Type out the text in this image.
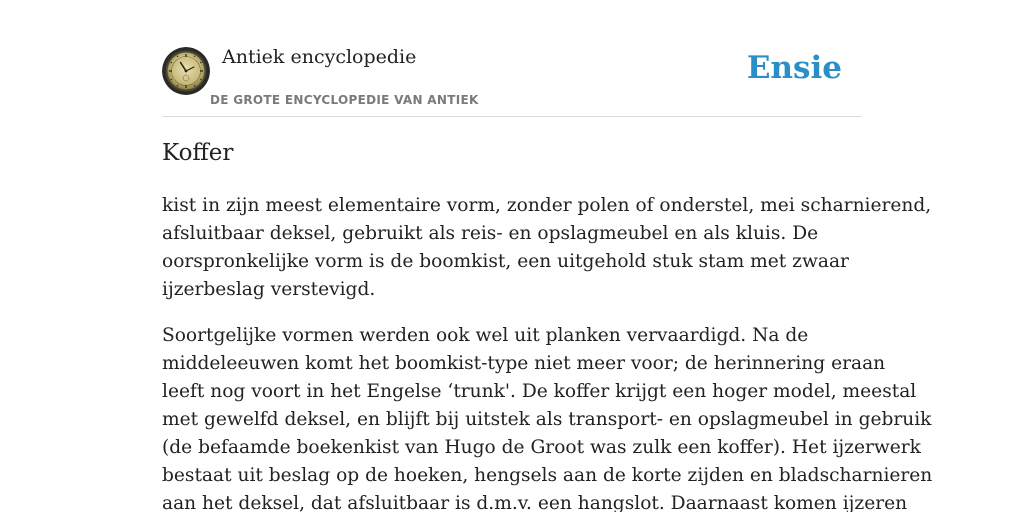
Antiek encyclopedie
DE GROTE ENCYCLOPEDIE VAN ANTIEK
Ensie
Koffer

kist in zijn meest elementaire vorm, zonder polen of onderstel, mei scharnierend,
afsluitbaar deksel, gebruikt als reis- en opslagmeubel en als kluis. De
oorspronkelijke vorm is de boomkist, een uitgehold stuk stam met zwaar
ijzerbeslag verstevigd.

Soortgelijke vormen werden ook wel uit planken vervaardigd. Na de
middeleeuwen komt het boomkist-type niet meer voor; de herinnering eraan
leeft nog voort in het Engelse ‘trunk'. De koffer krijgt een hoger model, meestal
met gewelfd deksel, en blijft bij uitstek als transport- en opslagmeubel in gebruik
(de befaamde boekenkist van Hugo de Groot was zulk een koffer). Het ijzerwerk
bestaat uit beslag op de hoeken, hengsels aan de korte zijden en bladscharnieren
aan het deksel, dat afsluitbaar is d.m.v. een hangslot. Daarnaast komen ijzeren
